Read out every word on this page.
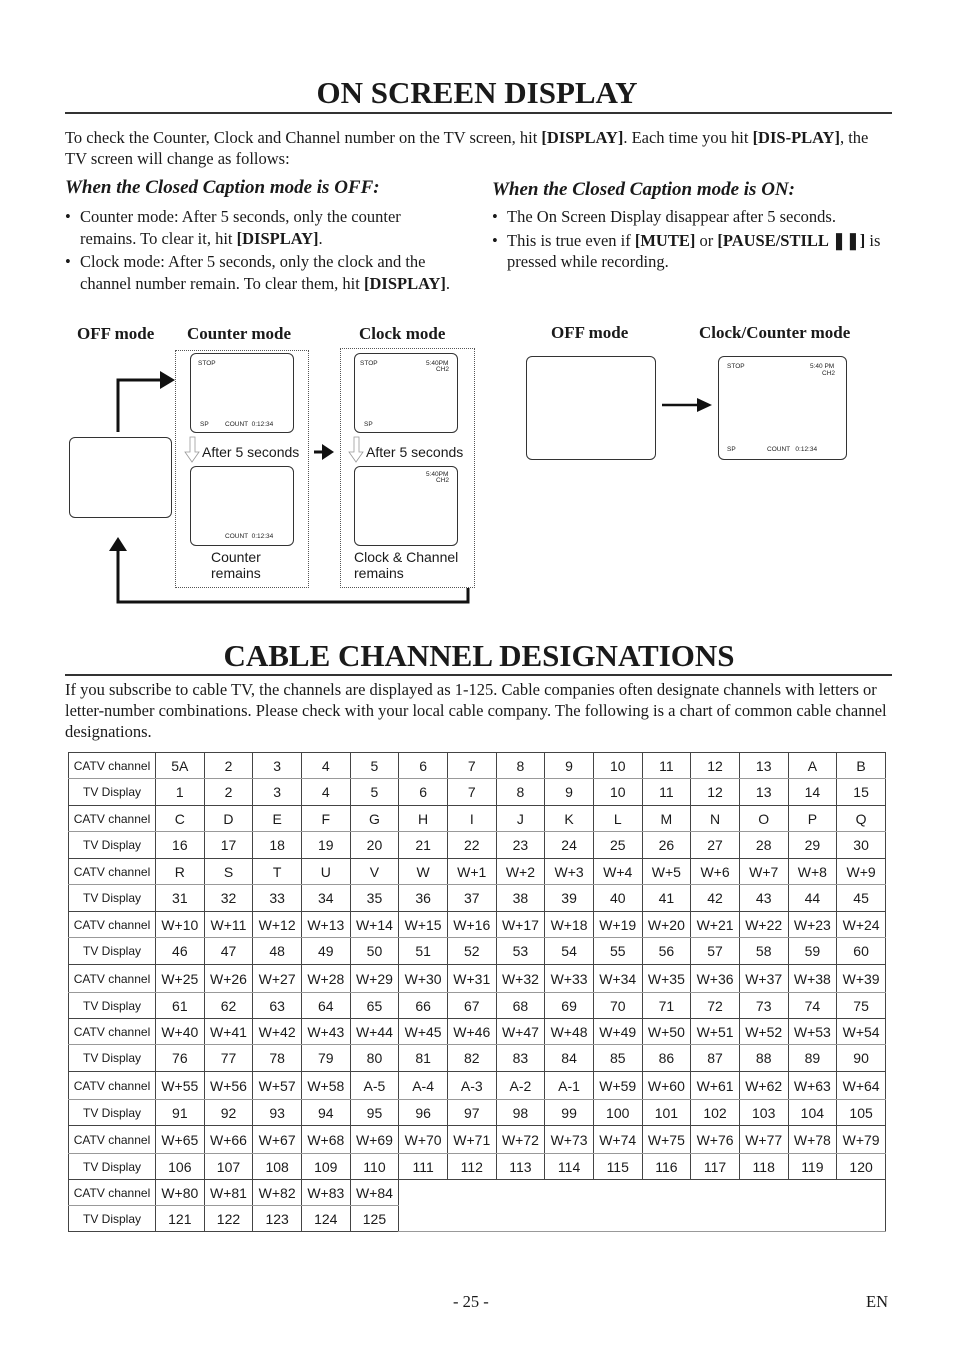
ON SCREEN DISPLAY
To check the Counter, Clock and Channel number on the TV screen, hit [DISPLAY]. Each time you hit [DIS-PLAY], the TV screen will change as follows:
When the Closed Caption mode is OFF:
• Counter mode: After 5 seconds, only the counter remains. To clear it, hit [DISPLAY].
• Clock mode: After 5 seconds, only the clock and the channel number remain. To clear them, hit [DISPLAY].
When the Closed Caption mode is ON:
• The On Screen Display disappear after 5 seconds.
• This is true even if [MUTE] or [PAUSE/STILL ❚❚] is pressed while recording.
OFF mode Counter mode	Clock mode
STOP
SP	COUNT  0:12:34
After 5 seconds
COUNT  0:12:34
Counter
remains
STOP	5:40PM
CH2
SP
After 5 seconds
5:40PM
CH2
Clock & Channel
remains
OFF mode	Clock/Counter mode
STOP	5:40 PM
CH2
SP	COUNT   0:12:34
CABLE CHANNEL DESIGNATIONS
If you subscribe to cable TV, the channels are displayed as 1-125. Cable companies often designate channels with letters or letter-number combinations. Please check with your local cable company. The following is a chart of common cable channel designations.
CATV channel	5A	2	3	4	5	6	7	8	9	10	11	12	13	A	B
TV Display	1	2	3	4	5	6	7	8	9	10	11	12	13	14	15
CATV channel	C	D	E	F	G	H	I	J	K	L	M	N	O	P	Q
TV Display	16	17	18	19	20	21	22	23	24	25	26	27	28	29	30
CATV channel	R	S	T	U	V	W	W+1	W+2	W+3	W+4	W+5	W+6	W+7	W+8	W+9
TV Display	31	32	33	34	35	36	37	38	39	40	41	42	43	44	45
CATV channel	W+10	W+11	W+12	W+13	W+14	W+15	W+16	W+17	W+18	W+19	W+20	W+21	W+22	W+23	W+24
TV Display	46	47	48	49	50	51	52	53	54	55	56	57	58	59	60
CATV channel	W+25	W+26	W+27	W+28	W+29	W+30	W+31	W+32	W+33	W+34	W+35	W+36	W+37	W+38	W+39
TV Display	61	62	63	64	65	66	67	68	69	70	71	72	73	74	75
CATV channel	W+40	W+41	W+42	W+43	W+44	W+45	W+46	W+47	W+48	W+49	W+50	W+51	W+52	W+53	W+54
TV Display	76	77	78	79	80	81	82	83	84	85	86	87	88	89	90
CATV channel	W+55	W+56	W+57	W+58	A-5	A-4	A-3	A-2	A-1	W+59	W+60	W+61	W+62	W+63	W+64
TV Display	91	92	93	94	95	96	97	98	99	100	101	102	103	104	105
CATV channel	W+65	W+66	W+67	W+68	W+69	W+70	W+71	W+72	W+73	W+74	W+75	W+76	W+77	W+78	W+79
TV Display	106	107	108	109	110	111	112	113	114	115	116	117	118	119	120
CATV channel	W+80	W+81	W+82	W+83	W+84										
TV Display	121	122	123	124	125										
- 25 -	EN
